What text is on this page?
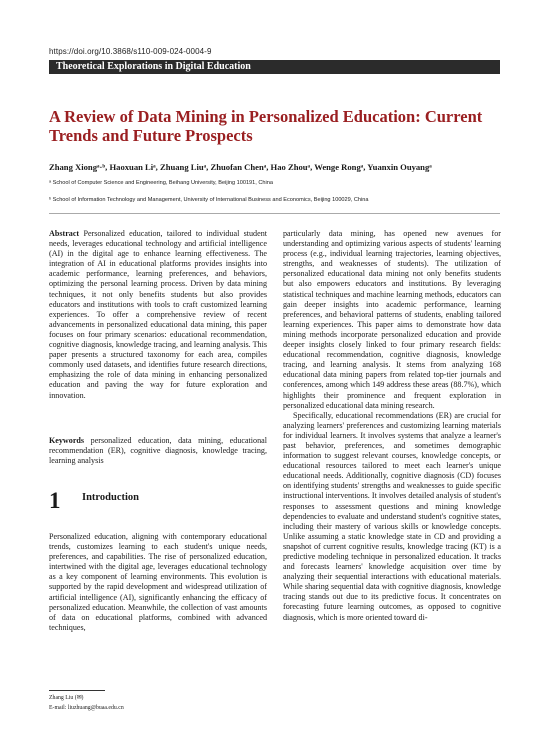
https://doi.org/10.3868/s110-009-024-0004-9
Theoretical Explorations in Digital Education
A Review of Data Mining in Personalized Education: Current Trends and Future Prospects
Zhang Xiongᵃ·ᵇ, Haoxuan Liᵃ, Zhuang Liuᵃ, Zhuofan Chenᵃ, Hao Zhouᵃ, Wenge Rongᵃ, Yuanxin Ouyangᵃ
ᵃ School of Computer Science and Engineering, Beihang University, Beijing 100191, China
ᵇ School of Information Technology and Management, University of International Business and Economics, Beijing 100029, China

Abstract Personalized education, tailored to individual student needs, leverages educational technology and artificial intelligence (AI) in the digital age to enhance learning effectiveness. The integration of AI in educational platforms provides insights into academic performance, learning preferences, and behaviors, optimizing the personal learning process. Driven by data mining techniques, it not only benefits students but also provides educators and institutions with tools to craft customized learning experiences. To offer a comprehensive review of recent advancements in personalized educational data mining, this paper focuses on four primary scenarios: educational recommendation, cognitive diagnosis, knowledge tracing, and learning analysis. This paper presents a structured taxonomy for each area, compiles commonly used datasets, and identifies future research directions, emphasizing the role of data mining in enhancing personalized education and paving the way for future exploration and innovation.

Keywords personalized education, data mining, educational recommendation (ER), cognitive diagnosis, knowledge tracing, learning analysis

1 Introduction

Personalized education, aligning with contemporary educational trends, customizes learning to each student's unique needs, preferences, and capabilities. The rise of personalized education, intertwined with the digital age, leverages educational technology as a key component of learning environments. This evolution is supported by the rapid development and widespread utilization of artificial intelligence (AI), significantly enhancing the efficacy of personalized education. Meanwhile, the collection of vast amounts of data on educational platforms, combined with advanced techniques,

particularly data mining, has opened new avenues for understanding and optimizing various aspects of students' learning process (e.g., individual learning trajectories, learning objectives, strengths, and weaknesses of students). The utilization of personalized educational data mining not only benefits students but also empowers educators and institutions. By leveraging statistical techniques and machine learning methods, educators can gain deeper insights into academic performance, learning preferences, and behavioral patterns of students, enabling tailored learning experiences. This paper aims to demonstrate how data mining methods incorporate personalized education and provide deeper insights closely linked to four primary research fields: educational recommendation, cognitive diagnosis, knowledge tracing, and learning analysis. It stems from analyzing 168 educational data mining papers from related top-tier journals and conferences, among which 149 address these areas (88.7%), which highlights their prominence and frequent exploration in personalized educational data mining research.

Specifically, educational recommendations (ER) are crucial for analyzing learners' preferences and customizing learning materials for individual learners. It involves systems that analyze a learner's past behavior, preferences, and sometimes demographic information to suggest relevant courses, knowledge concepts, or educational resources tailored to meet each learner's unique educational needs. Additionally, cognitive diagnosis (CD) focuses on identifying students' strengths and weaknesses to guide specific instructional interventions. It involves detailed analysis of student's responses to assessment questions and mining knowledge dependencies to evaluate and understand student's cognitive states, including their mastery of various skills or knowledge concepts. Unlike assuming a static knowledge state in CD and providing a snapshot of current cognitive results, knowledge tracing (KT) is a predictive modeling technique in personalized education. It tracks and forecasts learners' knowledge acquisition over time by analyzing their sequential interactions with educational materials. While sharing sequential data with cognitive diagnosis, knowledge tracing stands out due to its predictive focus. It concentrates on forecasting future learning outcomes, as opposed to cognitive diagnosis, which is more oriented toward di-

Zhang Liu (✉)
E-mail: liuzhuang@buaa.edu.cn
